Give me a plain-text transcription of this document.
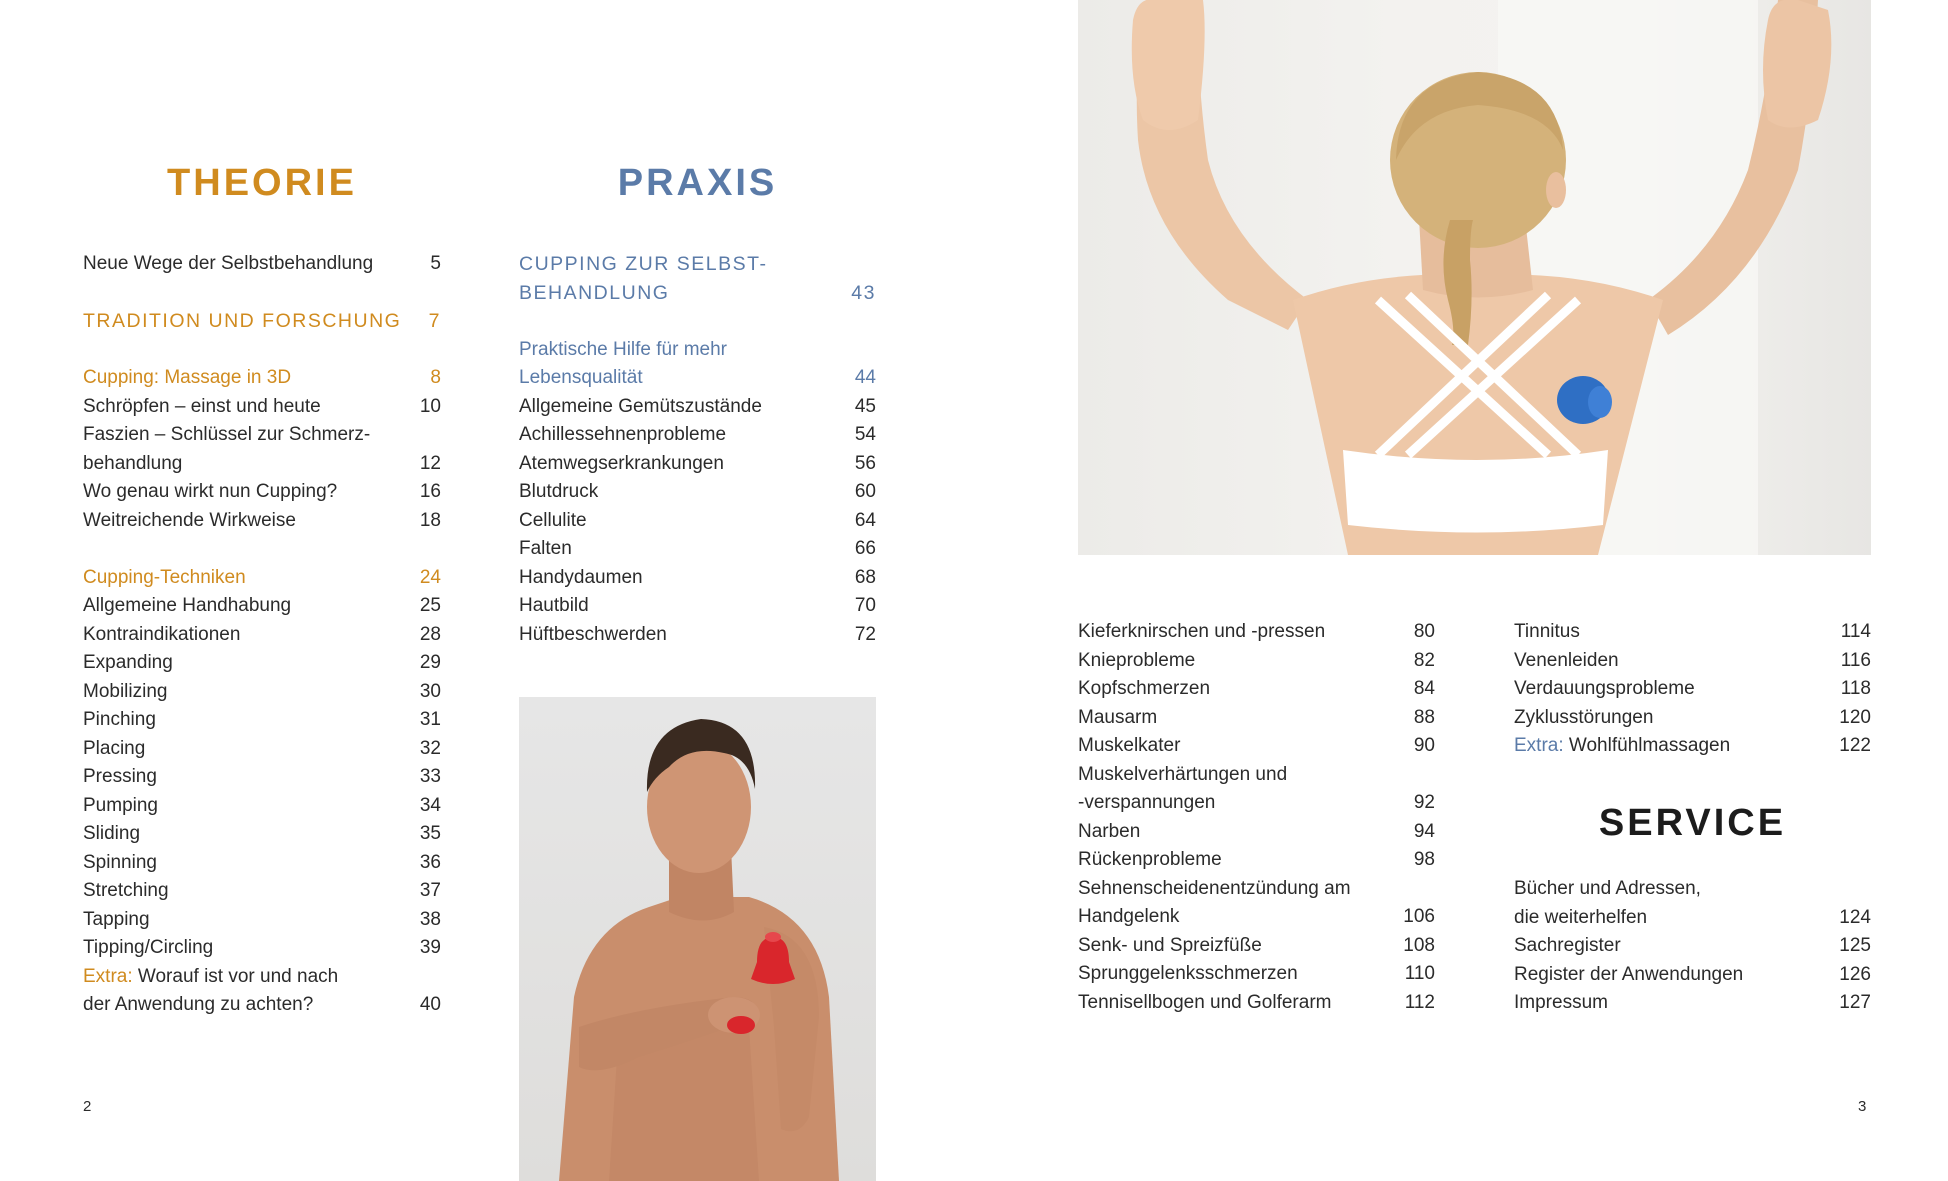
THEORIE
Neue Wege der Selbstbehandlung	5
TRADITION UND FORSCHUNG	7
Cupping: Massage in 3D	8
Schröpfen – einst und heute	10
Faszien – Schlüssel zur Schmerz-
behandlung	12
Wo genau wirkt nun Cupping?	16
Weitreichende Wirkweise	18
Cupping-Techniken	24
Allgemeine Handhabung	25
Kontraindikationen	28
Expanding	29
Mobilizing	30
Pinching	31
Placing	32
Pressing	33
Pumping	34
Sliding	35
Spinning	36
Stretching	37
Tapping	38
Tipping/Circling	39
Extra: Worauf ist vor und nach
der Anwendung zu achten?	40
PRAXIS
CUPPING ZUR SELBST-
BEHANDLUNG	43
Praktische Hilfe für mehr
Lebensqualität	44
Allgemeine Gemütszustände	45
Achillessehnenprobleme	54
Atemwegserkrankungen	56
Blutdruck	60
Cellulite	64
Falten	66
Handydaumen	68
Hautbild	70
Hüftbeschwerden	72
2
Kieferknirschen und -pressen	80
Knieprobleme	82
Kopfschmerzen	84
Mausarm	88
Muskelkater	90
Muskelverhärtungen und
-verspannungen	92
Narben	94
Rückenprobleme	98
Sehnenscheidenentzündung am
Handgelenk	106
Senk- und Spreizfüße	108
Sprunggelenksschmerzen	110
Tennisellbogen und Golferarm	112
Tinnitus	114
Venenleiden	116
Verdauungsprobleme	118
Zyklusstörungen	120
Extra: Wohlfühlmassagen	122
SERVICE
Bücher und Adressen,
die weiterhelfen	124
Sachregister	125
Register der Anwendungen	126
Impressum	127
3
